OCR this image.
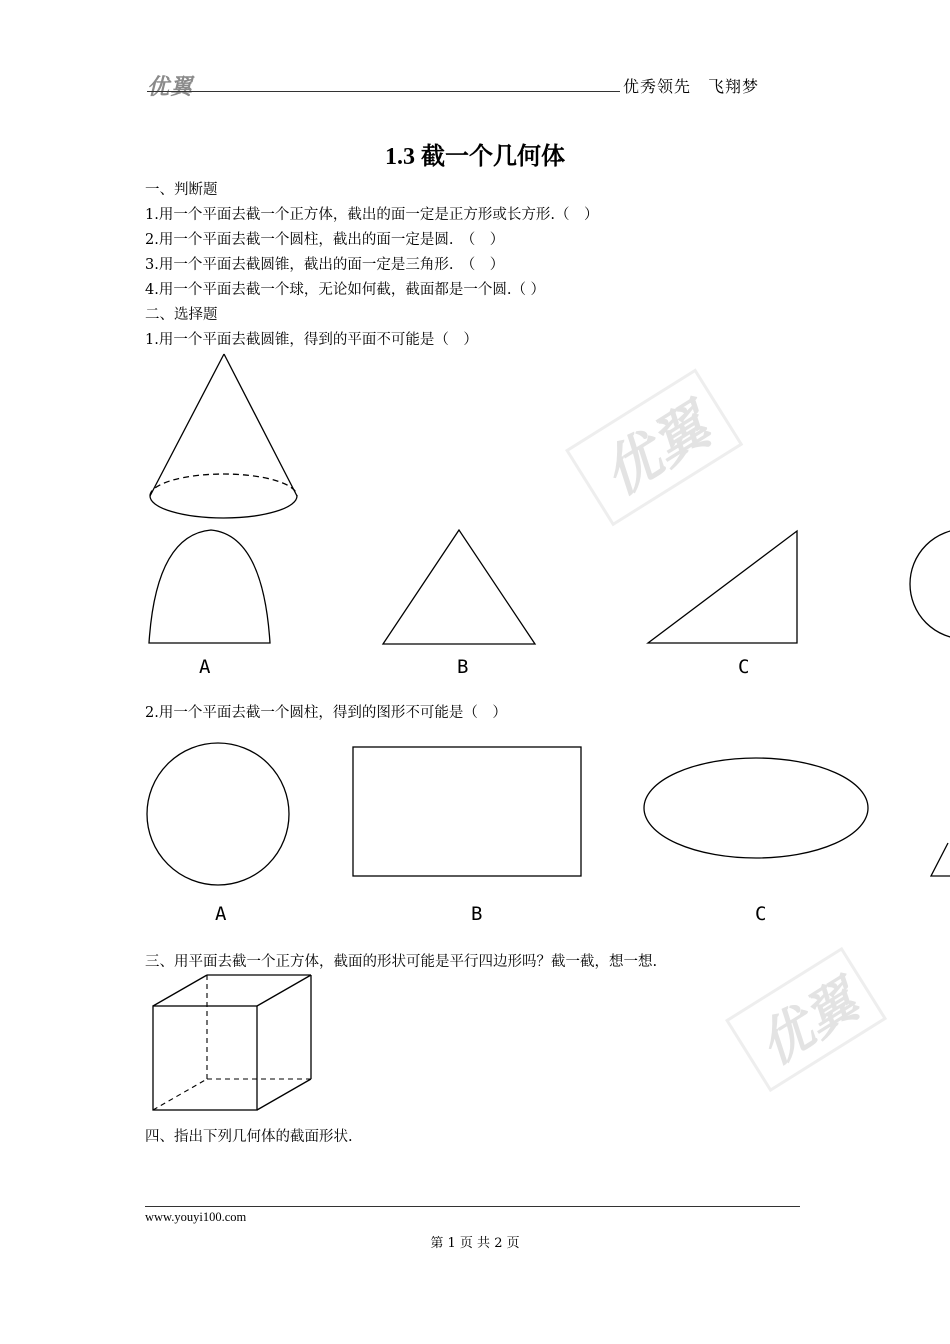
优翼	优秀领先　飞翔梦
优翼
优翼
1.3 截一个几何体
一、判断题
1.用一个平面去截一个正方体，截出的面一定是正方形或长方形.（　）
2.用一个平面去截一个圆柱，截出的面一定是圆.　（　）
3.用一个平面去截圆锥，截出的面一定是三角形.　（　）
4.用一个平面去截一个球，无论如何截，截面都是一个圆.（ ）
二、选择题
1.用一个平面去截圆锥，得到的平面不可能是（　）
A	B	C
2.用一个平面去截一个圆柱，得到的图形不可能是（　）
A	B	C
三、用平面去截一个正方体，截面的形状可能是平行四边形吗？截一截，想一想.
四、指出下列几何体的截面形状.
www.youyi100.com
第 1 页 共 2 页
